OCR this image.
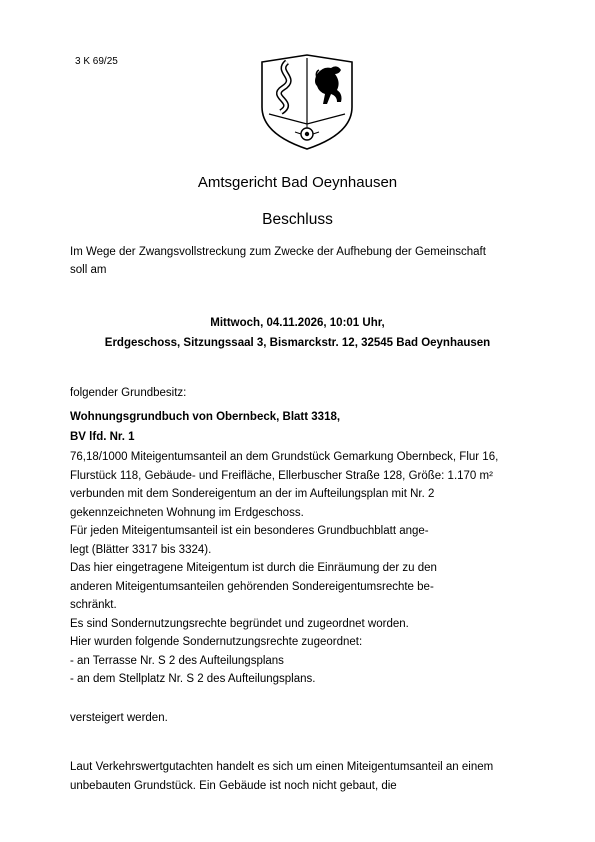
3 K 69/25
Amtsgericht Bad Oeynhausen
Beschluss
Im Wege der Zwangsvollstreckung zum Zwecke der Aufhebung der Gemeinschaft
soll am
Mittwoch, 04.11.2026, 10:01 Uhr,
Erdgeschoss, Sitzungssaal 3, Bismarckstr. 12, 32545 Bad Oeynhausen
folgender Grundbesitz:
Wohnungsgrundbuch von Obernbeck, Blatt 3318,
BV lfd. Nr. 1
76,18/1000 Miteigentumsanteil an dem Grundstück Gemarkung Obernbeck, Flur 16,
Flurstück 118, Gebäude- und Freifläche, Ellerbuscher Straße 128, Größe: 1.170 m²
verbunden mit dem Sondereigentum an der im Aufteilungsplan mit Nr. 2
gekennzeichneten Wohnung im Erdgeschoss.
Für jeden Miteigentumsanteil ist ein besonderes Grundbuchblatt ange-
legt (Blätter 3317 bis 3324).
Das hier eingetragene Miteigentum ist durch die Einräumung der zu den
anderen Miteigentumsanteilen gehörenden Sondereigentumsrechte be-
schränkt.
Es sind Sondernutzungsrechte begründet und zugeordnet worden.
Hier wurden folgende Sondernutzungsrechte zugeordnet:
- an Terrasse Nr. S 2 des Aufteilungsplans
- an dem Stellplatz Nr. S 2 des Aufteilungsplans.
versteigert werden.
Laut Verkehrswertgutachten handelt es sich um einen Miteigentumsanteil an einem
unbebauten Grundstück. Ein Gebäude ist noch nicht gebaut, die
